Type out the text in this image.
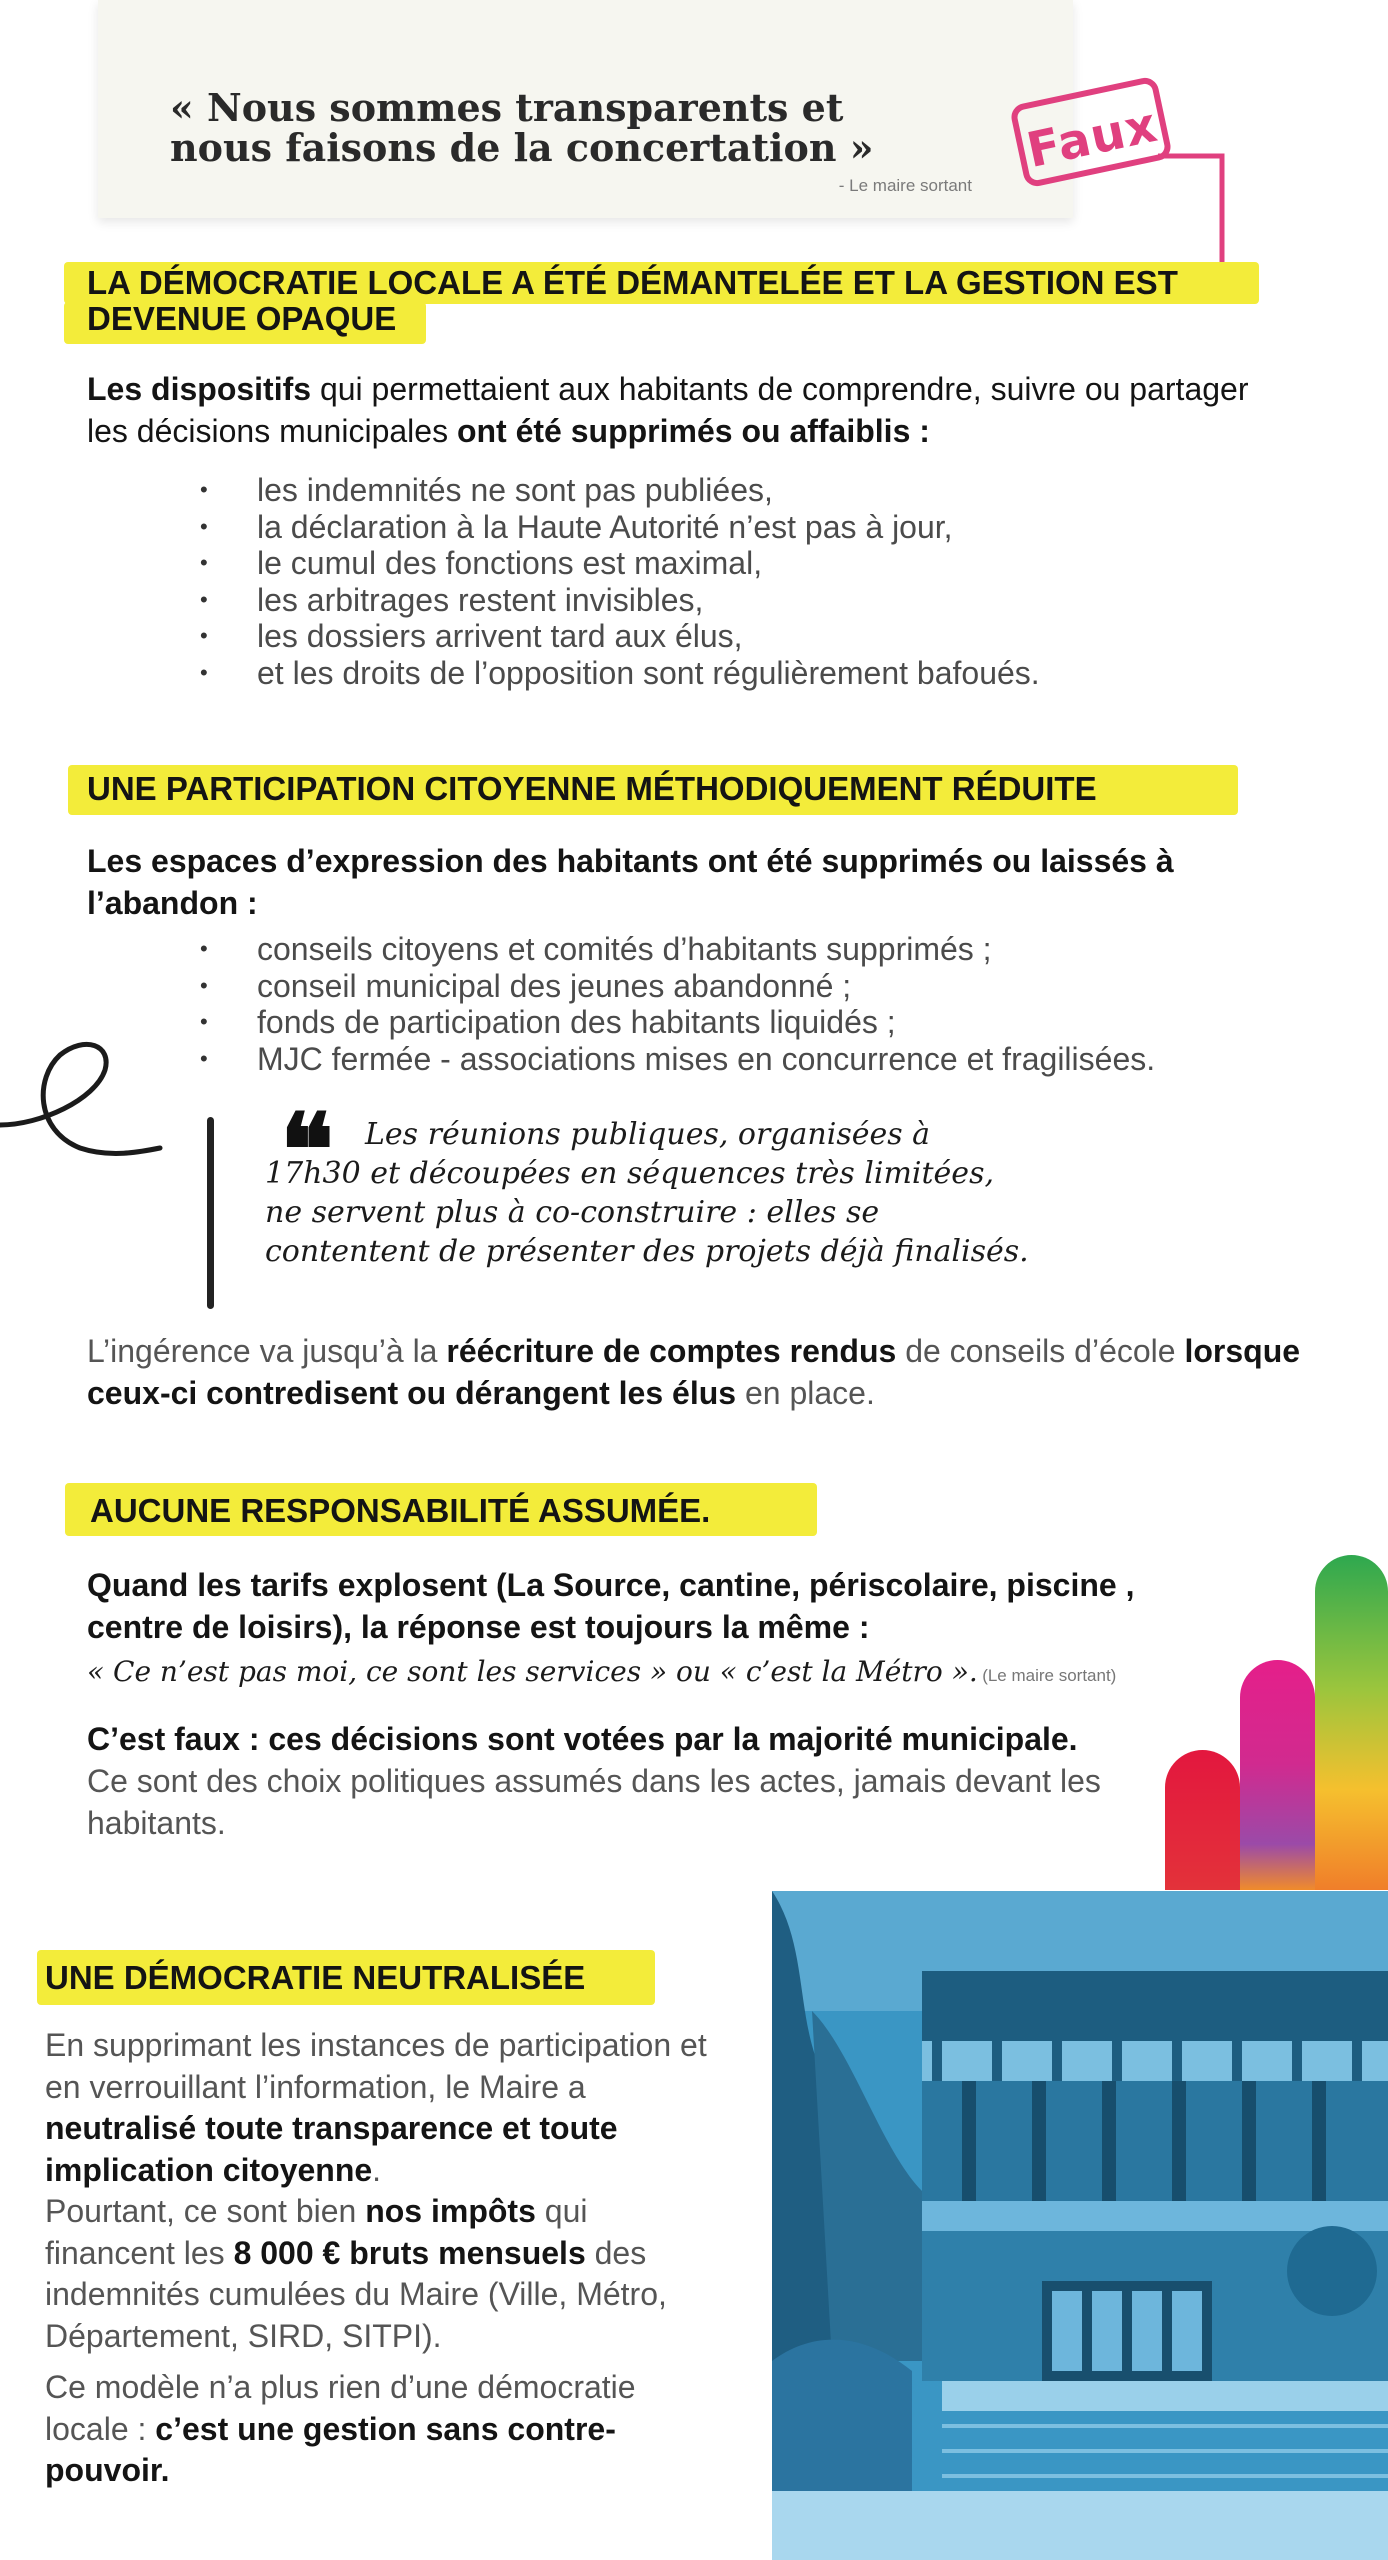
« Nous sommes transparents et
nous faisons de la concertation »
- Le maire sortant
Faux
LA DÉMOCRATIE LOCALE A ÉTÉ DÉMANTELÉE ET LA GESTION EST
DEVENUE OPAQUE
Les dispositifs qui permettaient aux habitants de comprendre, suivre ou partager les décisions municipales ont été supprimés ou affaiblis :
• les indemnités ne sont pas publiées,
• la déclaration à la Haute Autorité n’est pas à jour,
• le cumul des fonctions est maximal,
• les arbitrages restent invisibles,
• les dossiers arrivent tard aux élus,
• et les droits de l’opposition sont régulièrement bafoués.
UNE PARTICIPATION CITOYENNE MÉTHODIQUEMENT RÉDUITE
Les espaces d’expression des habitants ont été supprimés ou laissés à l’abandon :
• conseils citoyens et comités d’habitants supprimés ;
• conseil municipal des jeunes abandonné ;
• fonds de participation des habitants liquidés ;
• MJC fermée - associations mises en concurrence et fragilisées.
❝	Les réunions publiques, organisées à 17h30 et découpées en séquences très limitées, ne servent plus à co-construire : elles se contentent de présenter des projets déjà finalisés.
L’ingérence va jusqu’à la réécriture de comptes rendus de conseils d’école lorsque ceux-ci contredisent ou dérangent les élus en place.
AUCUNE RESPONSABILITÉ ASSUMÉE.
Quand les tarifs explosent (La Source, cantine, périscolaire, piscine , centre de loisirs), la réponse est toujours la même :
« Ce n’est pas moi, ce sont les services » ou « c’est la Métro ». (Le maire sortant)
C’est faux : ces décisions sont votées par la majorité municipale.
Ce sont des choix politiques assumés dans les actes, jamais devant les habitants.
UNE DÉMOCRATIE NEUTRALISÉE

En supprimant les instances de participation et en verrouillant l’information, le Maire a neutralisé toute transparence et toute implication citoyenne.

Pourtant, ce sont bien nos impôts qui financent les 8 000 € bruts mensuels des indemnités cumulées du Maire (Ville, Métro, Département, SIRD, SITPI).

Ce modèle n’a plus rien d’une démocratie locale : c’est une gestion sans contre-pouvoir.
